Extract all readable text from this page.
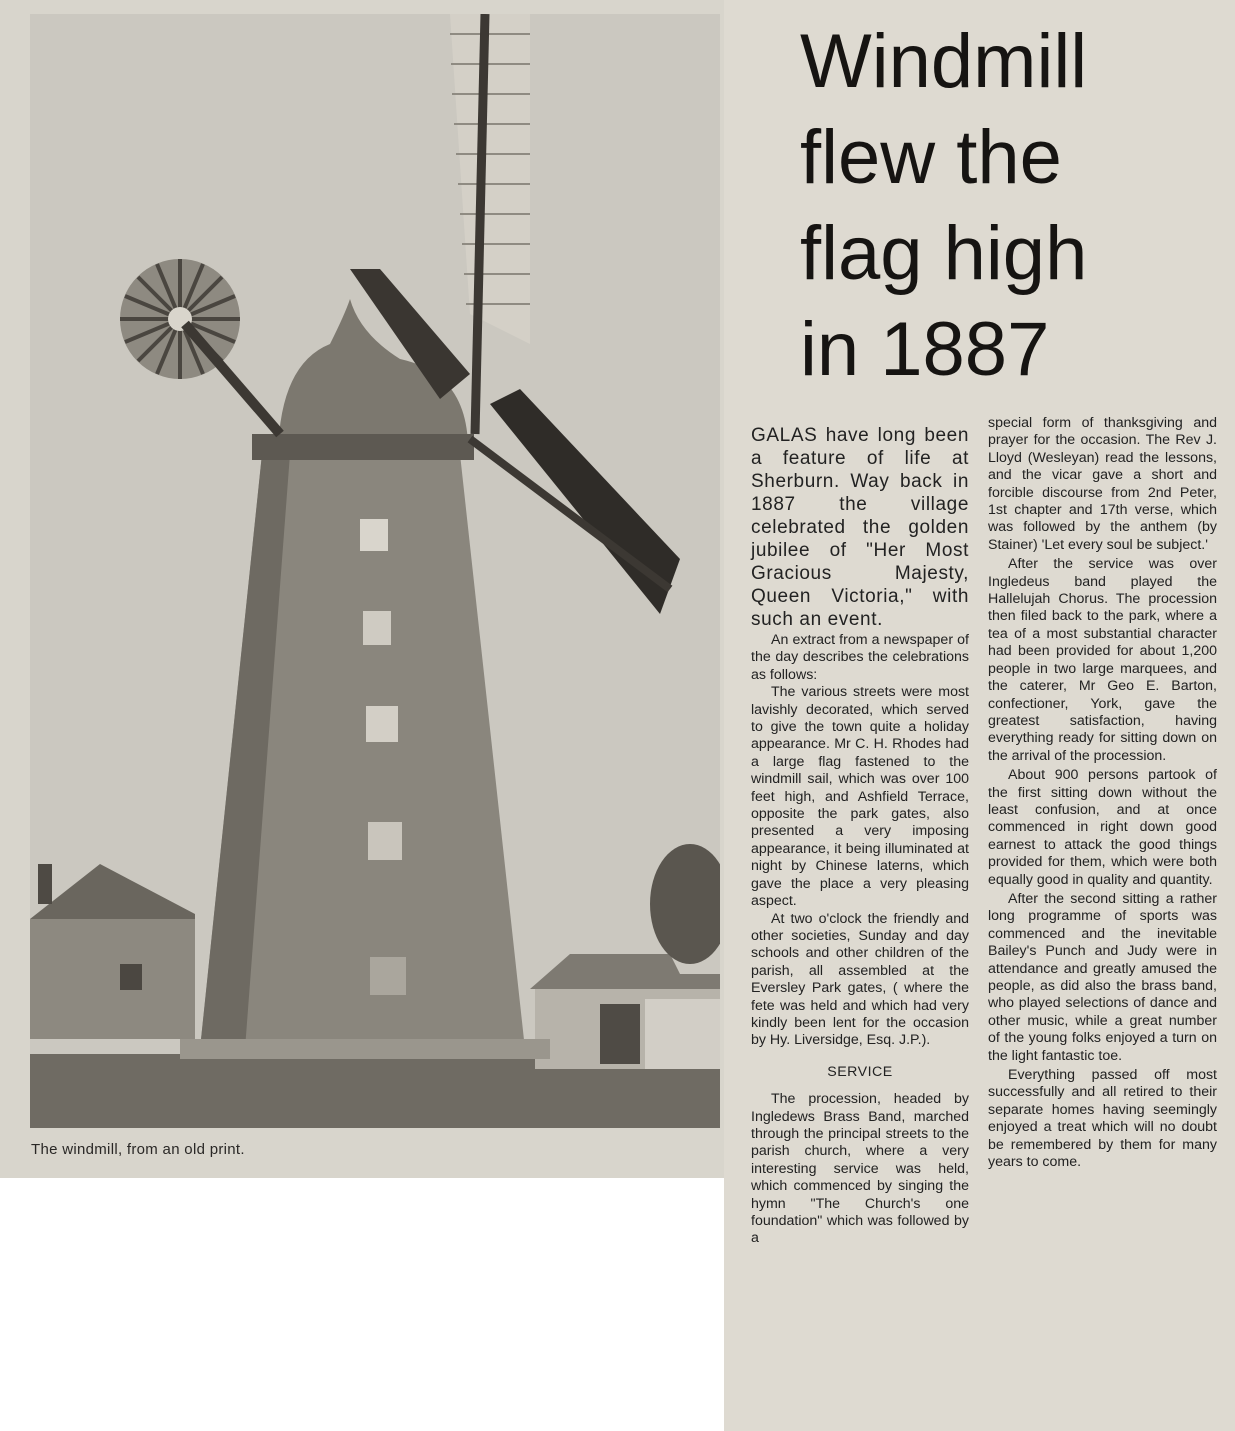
The windmill, from an old print.
Windmill
flew the
flag high
in 1887

GALAS have long been a feature of life at Sherburn. Way back in 1887 the village celebrated the golden jubilee of "Her Most Gracious Majesty, Queen Victoria," with such an event.

An extract from a newspaper of the day describes the celebrations as follows:

The various streets were most lavishly decorated, which served to give the town quite a holiday appearance. Mr C. H. Rhodes had a large flag fastened to the windmill sail, which was over 100 feet high, and Ashfield Terrace, opposite the park gates, also presented a very imposing appearance, it being illuminated at night by Chinese laterns, which gave the place a very pleasing aspect.

At two o'clock the friendly and other societies, Sunday and day schools and other children of the parish, all assembled at the Eversley Park gates, ( where the fete was held and which had very kindly been lent for the occasion by Hy. Liversidge, Esq. J.P.).

SERVICE

The procession, headed by Ingledews Brass Band, marched through the principal streets to the parish church, where a very interesting service was held, which commenced by singing the hymn "The Church's one foundation" which was followed by a

special form of thanksgiving and prayer for the occasion. The Rev J. Lloyd (Wesleyan) read the lessons, and the vicar gave a short and forcible discourse from 2nd Peter, 1st chapter and 17th verse, which was followed by the anthem (by Stainer) 'Let every soul be subject.'

After the service was over Ingledeus band played the Hallelujah Chorus. The procession then filed back to the park, where a tea of a most substantial character had been provided for about 1,200 people in two large marquees, and the caterer, Mr Geo E. Barton, confectioner, York, gave the greatest satisfaction, having everything ready for sitting down on the arrival of the procession.

About 900 persons partook of the first sitting down without the least confusion, and at once commenced in right down good earnest to attack the good things provided for them, which were both equally good in quality and quantity.

After the second sitting a rather long programme of sports was commenced and the inevitable Bailey's Punch and Judy were in attendance and greatly amused the people, as did also the brass band, who played selections of dance and other music, while a great number of the young folks enjoyed a turn on the light fantastic toe.

Everything passed off most successfully and all retired to their separate homes having seemingly enjoyed a treat which will no doubt be remembered by them for many years to come.
